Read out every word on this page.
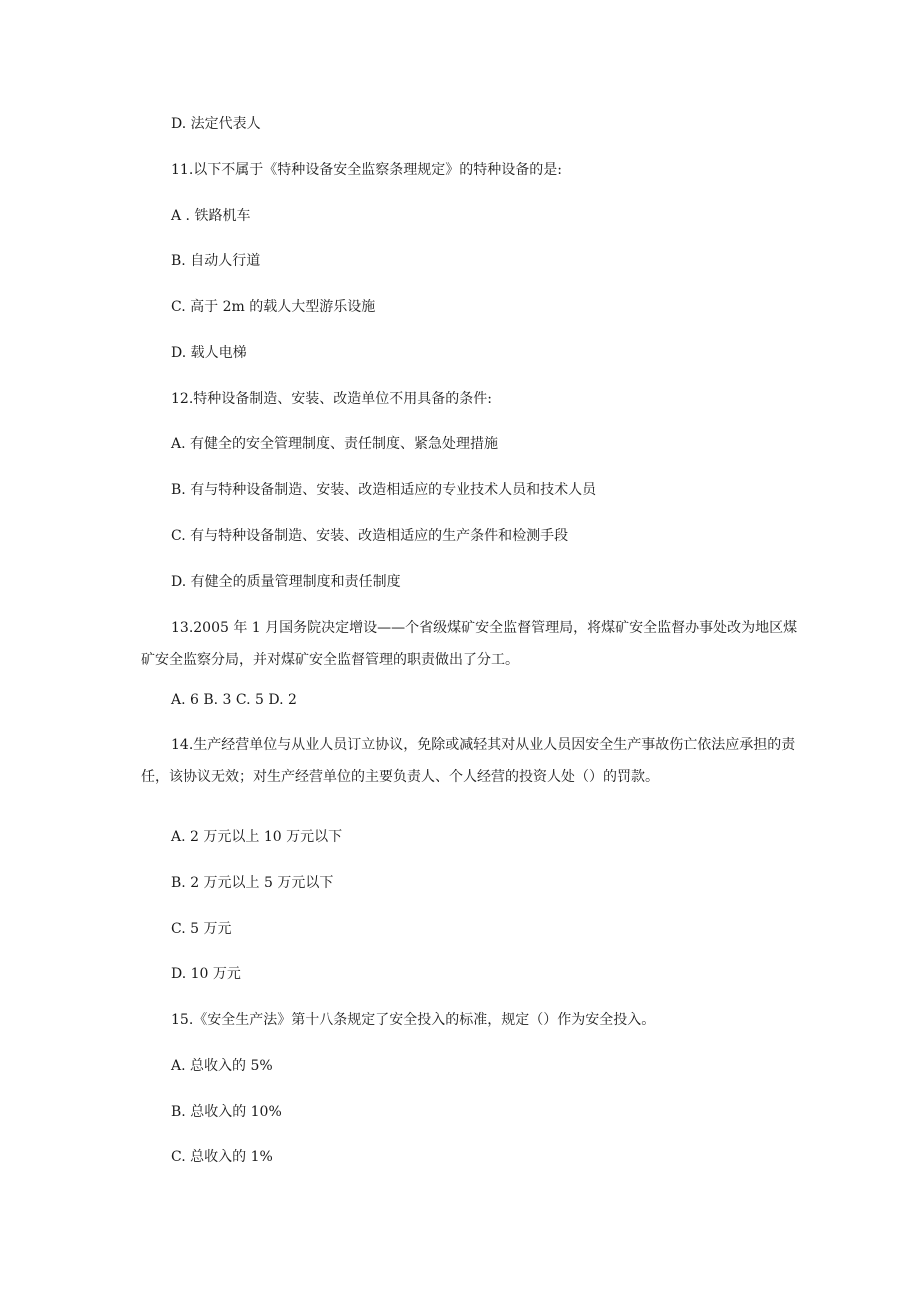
D. 法定代表人
11.以下不属于《特种设备安全监察条理规定》的特种设备的是:
A . 铁路机车
B. 自动人行道
C. 高于 2m 的载人大型游乐设施
D. 载人电梯
12.特种设备制造、安装、改造单位不用具备的条件:
A. 有健全的安全管理制度、责任制度、紧急处理措施
B. 有与特种设备制造、安装、改造相适应的专业技术人员和技术人员
C. 有与特种设备制造、安装、改造相适应的生产条件和检测手段
D. 有健全的质量管理制度和责任制度
13.2005 年 1 月国务院决定增设——个省级煤矿安全监督管理局，将煤矿安全监督办事处改为地区煤矿安全监察分局，并对煤矿安全监督管理的职责做出了分工。
A. 6 B. 3 C. 5 D. 2
14.生产经营单位与从业人员订立协议，免除或减轻其对从业人员因安全生产事故伤亡依法应承担的责任，该协议无效；对生产经营单位的主要负责人、个人经营的投资人处（）的罚款。
A. 2 万元以上 10 万元以下
B. 2 万元以上 5 万元以下
C. 5 万元
D. 10 万元
15.《安全生产法》第十八条规定了安全投入的标准，规定（）作为安全投入。
A. 总收入的 5%
B. 总收入的 10%
C. 总收入的 1%
